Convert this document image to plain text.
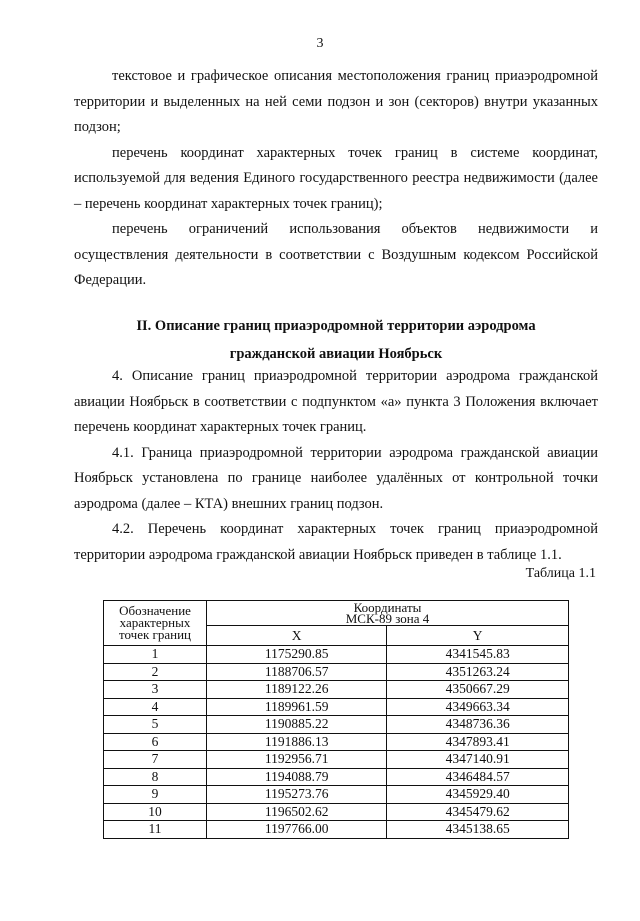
3

текстовое и графическое описания местоположения границ приаэродромной территории и выделенных на ней семи подзон и зон (секторов) внутри указанных подзон;

перечень координат характерных точек границ в системе координат, используемой для ведения Единого государственного реестра недвижимости (далее – перечень координат характерных точек границ);

перечень ограничений использования объектов недвижимости и осуществления деятельности в соответствии с Воздушным кодексом Российской Федерации.

II. Описание границ приаэродромной территории аэродрома
гражданской авиации Ноябрьск

4. Описание границ приаэродромной территории аэродрома гражданской авиации Ноябрьск в соответствии с подпунктом «а» пункта 3 Положения включает перечень координат характерных точек границ.

4.1. Граница приаэродромной территории аэродрома гражданской авиации Ноябрьск установлена по границе наиболее удалённых от контрольной точки аэродрома (далее – КТА) внешних границ подзон.

4.2. Перечень координат характерных точек границ приаэродромной территории аэродрома гражданской авиации Ноябрьск приведен в таблице 1.1.

Таблица 1.1
Обозначение характерных точек границ	Координаты
МСК-89 зона 4	

	X	Y
1	1175290.85	4341545.83
2	1188706.57	4351263.24
3	1189122.26	4350667.29
4	1189961.59	4349663.34
5	1190885.22	4348736.36
6	1191886.13	4347893.41
7	1192956.71	4347140.91
8	1194088.79	4346484.57
9	1195273.76	4345929.40
10	1196502.62	4345479.62
11	1197766.00	4345138.65
